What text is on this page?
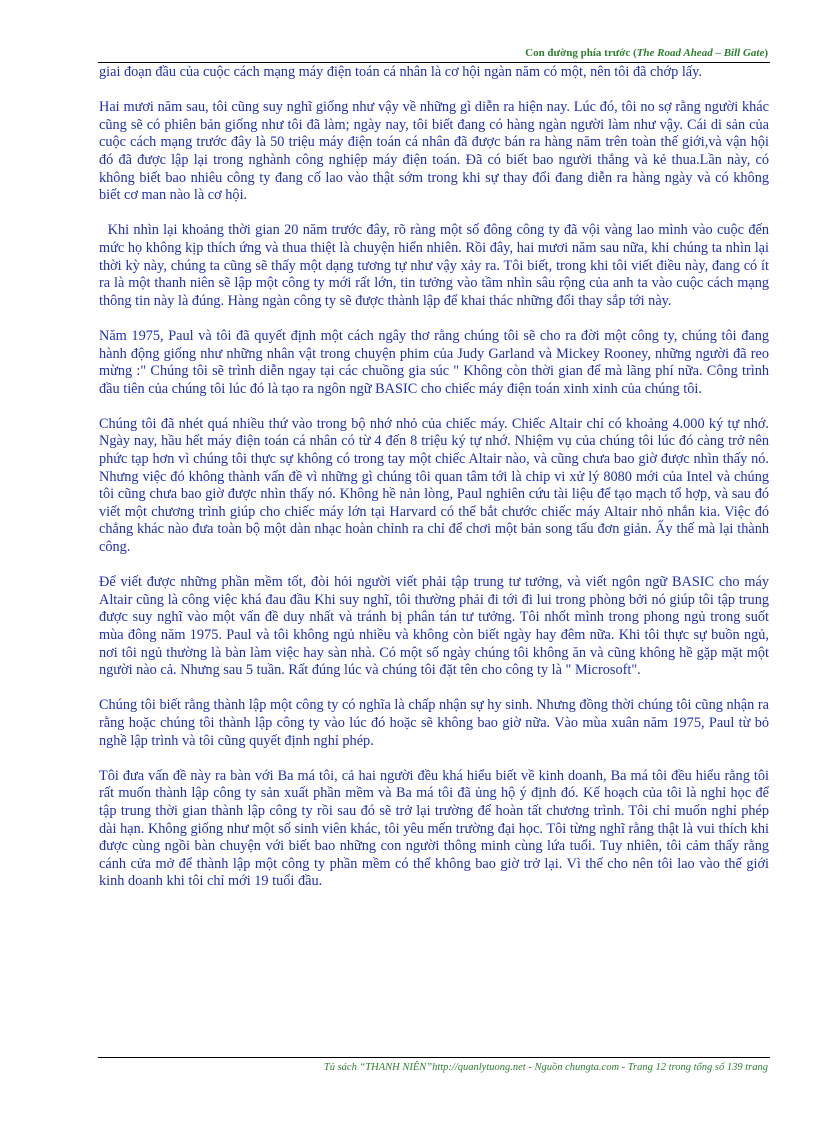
Con đường phía trước (The Road Ahead – Bill Gate)

giai đoạn đầu của cuộc cách mạng máy điện toán cá nhân là cơ hội ngàn năm có một, nên tôi đã chớp lấy.

Hai mươi năm sau, tôi cũng suy nghĩ giống như vậy về những gì diễn ra hiện nay. Lúc đó, tôi no sợ rằng người khác cũng sẽ có phiên bản giống như tôi đã làm; ngày nay, tôi biết đang có hàng ngàn người làm như vậy. Cái di sản của cuộc cách mạng trước đây là 50 triệu máy điện toán cá nhân đã được bán ra hàng năm trên toàn thế giới,và vận hội đó đã được lập lại trong nghành công nghiệp máy điện toán. Đã có biết bao người thắng và kẻ thua.Lần này, có không biết bao nhiêu công ty đang cố lao vào thật sớm trong khi sự thay đổi đang diễn ra hàng ngày và có không biết cơ man nào là cơ hội.

Khi nhìn lại khoảng thời gian 20 năm trước đây, rõ ràng một số đông công ty đã vội vàng lao mình vào cuộc đến mức họ không kịp thích ứng và thua thiệt là chuyện hiển nhiên. Rồi đây, hai mươi năm sau nữa, khi chúng ta nhìn lại thời kỳ này, chúng ta cũng sẽ thấy một dạng tương tự như vậy xảy ra. Tôi biết, trong khi tôi viết điều này, đang có ít ra là một thanh niên sẽ lập một công ty mới rất lớn, tin tưởng vào tầm nhìn sâu rộng của anh ta vào cuộc cách mạng thông tin này là đúng. Hàng ngàn công ty sẽ được thành lập để khai thác những đổi thay sắp tới này.

Năm 1975, Paul và tôi đã quyết định một cách ngây thơ rằng chúng tôi sẽ cho ra đời một công ty, chúng tôi đang hành động giống như những nhân vật trong chuyện phim của Judy Garland và Mickey Rooney, những người đã reo mừng :" Chúng tôi sẽ trình diễn ngay tại các chuồng gia súc " Không còn thời gian để mà lãng phí nữa. Công trình đầu tiên của chúng tôi lúc đó là tạo ra ngôn ngữ BASIC cho chiếc máy điện toán xinh xinh của chúng tôi.

Chúng tôi đã nhét quá nhiều thứ vào trong bộ nhớ nhỏ của chiếc máy. Chiếc Altair chỉ có khoảng 4.000 ký tự nhớ. Ngày nay, hầu hết máy điện toán cá nhân có từ 4 đến 8 triệu ký tự nhớ. Nhiệm vụ của chúng tôi lúc đó càng trở nên phức tạp hơn vì chúng tôi thực sự không có trong tay một chiếc Altair nào, và cũng chưa bao giờ được nhìn thấy nó. Nhưng việc đó không thành vấn đề vì những gì chúng tôi quan tâm tới là chip vi xử lý 8080 mới của Intel và chúng tôi cũng chưa bao giờ được nhìn thấy nó. Không hề nản lòng, Paul nghiên cứu tài liệu để tạo mạch tổ hợp, và sau đó viết một chương trình giúp cho chiếc máy lớn tại Harvard có thể bắt chước chiếc máy Altair nhỏ nhắn kia. Việc đó chẳng khác nào đưa toàn bộ một dàn nhạc hoàn chỉnh ra chỉ để chơi một bản song tấu đơn giản. Ấy thế mà lại thành công.

Để viết được những phần mềm tốt, đòi hỏi người viết phải tập trung tư tưởng, và viết ngôn ngữ BASIC cho máy Altair cũng là công việc khá đau đầu Khi suy nghĩ, tôi thường phải đi tới đi lui trong phòng bởi nó giúp tôi tập trung được suy nghĩ vào một vấn đề duy nhất và tránh bị phân tán tư tưởng. Tôi nhốt mình trong phong ngủ trong suốt mùa đông năm 1975. Paul và tôi không ngủ nhiều và không còn biết ngày hay đêm nữa. Khi tôi thực sự buồn ngủ, nơi tôi ngủ thường là bàn làm việc hay sàn nhà. Có một số ngày chúng tôi không ăn và cũng không hề gặp mặt một người nào cả. Nhưng sau 5 tuần. Rất đúng lúc và chúng tôi đặt tên cho công ty là " Microsoft".

Chúng tôi biết rằng thành lập một công ty có nghĩa là chấp nhận sự hy sinh. Nhưng đồng thời chúng tôi cũng nhận ra rằng hoặc chúng tôi thành lập công ty vào lúc đó hoặc sẽ không bao giờ nữa. Vào mùa xuân năm 1975, Paul từ bỏ nghề lập trình và tôi cũng quyết định nghỉ phép.

Tôi đưa vấn đề này ra bàn với Ba má tôi, cả hai người đều khá hiểu biết về kinh doanh, Ba má tôi đều hiểu rằng tôi rất muốn thành lập công ty sản xuất phần mềm và Ba má tôi đã ủng hộ ý định đó. Kế hoạch của tôi là nghỉ học để tập trung thời gian thành lập công ty rồi sau đó sẽ trở lại trường để hoàn tất chương trình. Tôi chỉ muốn nghỉ phép dài hạn. Không giống như một số sinh viên khác, tôi yêu mến trường đại học. Tôi từng nghĩ rằng thật là vui thích khi được cùng ngồi bàn chuyện với biết bao những con người thông minh cùng lứa tuổi. Tuy nhiên, tôi cảm thấy rằng cánh cửa mở để thành lập một công ty phần mềm có thể không bao giờ trở lại. Vì thế cho nên tôi lao vào thế giới kinh doanh khi tôi chỉ mới 19 tuổi đầu.

Tủ sách “THANH NIÊN”http://quanlytuong.net - Nguồn chungta.com - Trang 12 trong tổng số 139 trang
